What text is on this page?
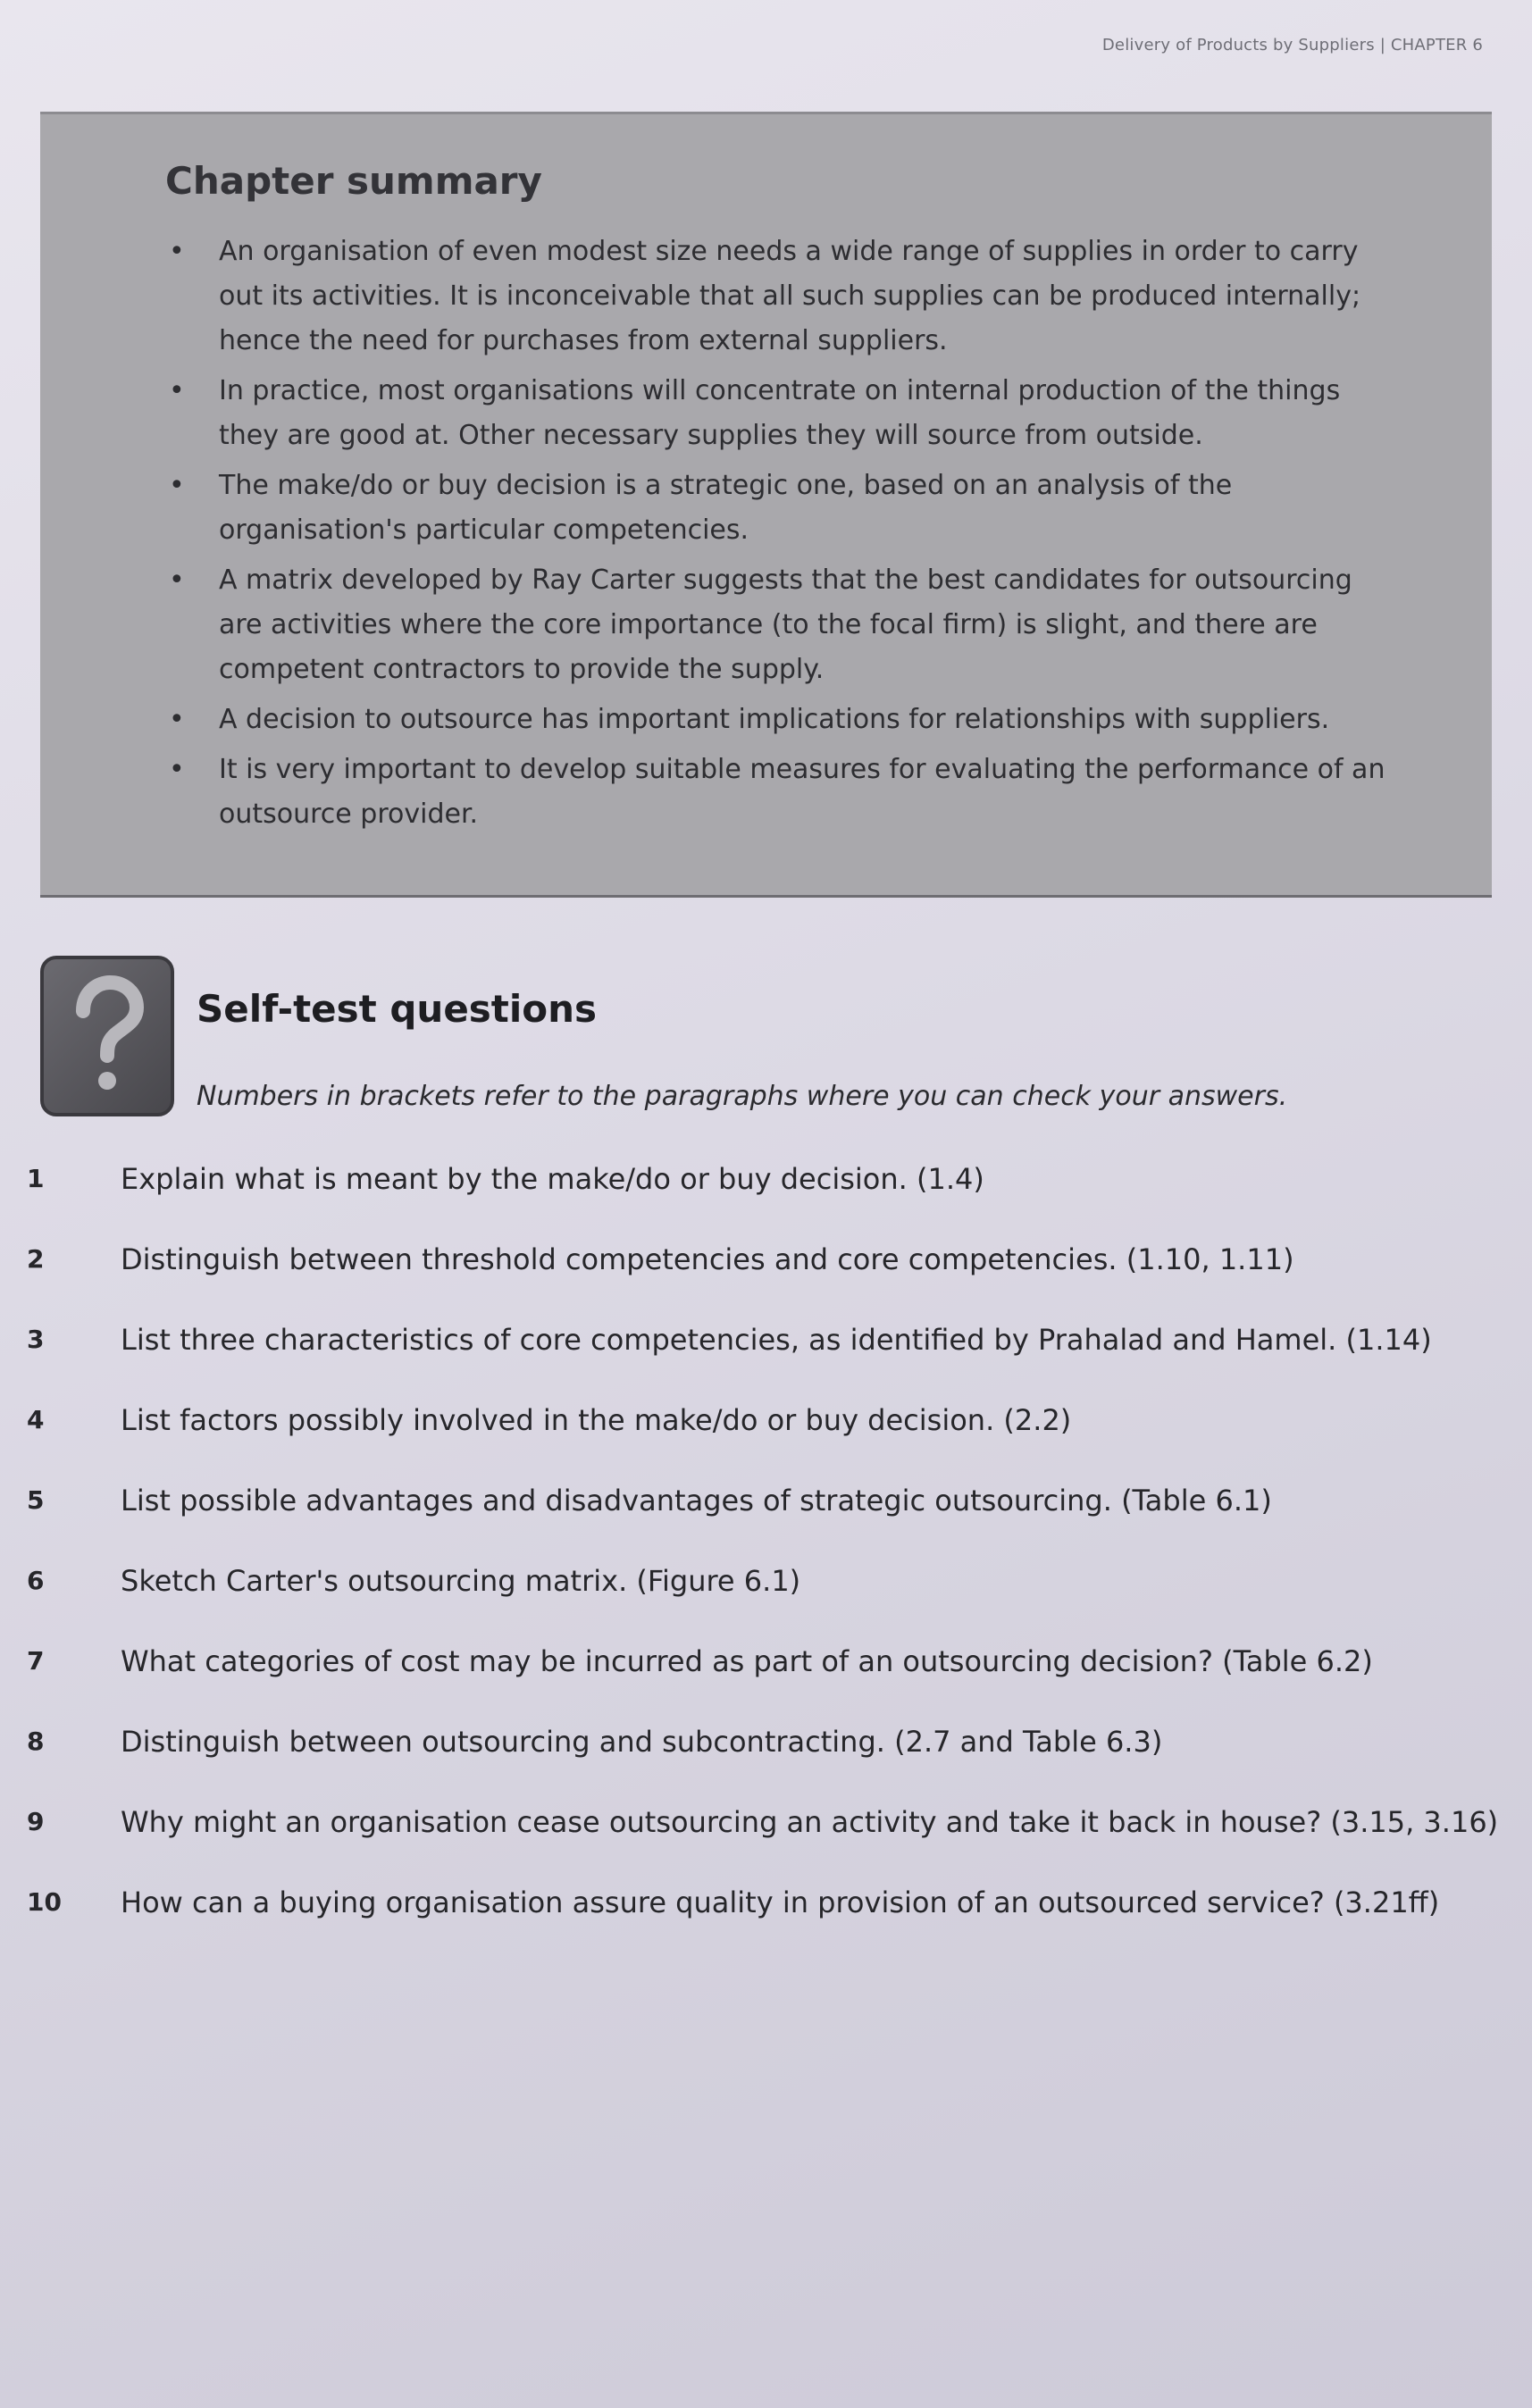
Delivery of Products by Suppliers | CHAPTER 6
Chapter summary
• An organisation of even modest size needs a wide range of supplies in order to carry out its activities. It is inconceivable that all such supplies can be produced internally; hence the need for purchases from external suppliers.
• In practice, most organisations will concentrate on internal production of the things they are good at. Other necessary supplies they will source from outside.
• The make/do or buy decision is a strategic one, based on an analysis of the organisation's particular competencies.
• A matrix developed by Ray Carter suggests that the best candidates for outsourcing are activities where the core importance (to the focal firm) is slight, and there are competent contractors to provide the supply.
• A decision to outsource has important implications for relationships with suppliers.
• It is very important to develop suitable measures for evaluating the performance of an outsource provider.
Self-test questions
Numbers in brackets refer to the paragraphs where you can check your answers.
1	Explain what is meant by the make/do or buy decision. (1.4)
2	Distinguish between threshold competencies and core competencies. (1.10, 1.11)
3	List three characteristics of core competencies, as identified by Prahalad and Hamel. (1.14)
4	List factors possibly involved in the make/do or buy decision. (2.2)
5	List possible advantages and disadvantages of strategic outsourcing. (Table 6.1)
6	Sketch Carter's outsourcing matrix. (Figure 6.1)
7	What categories of cost may be incurred as part of an outsourcing decision? (Table 6.2)
8	Distinguish between outsourcing and subcontracting. (2.7 and Table 6.3)
9	Why might an organisation cease outsourcing an activity and take it back in house? (3.15, 3.16)
10	How can a buying organisation assure quality in provision of an outsourced service? (3.21ff)
